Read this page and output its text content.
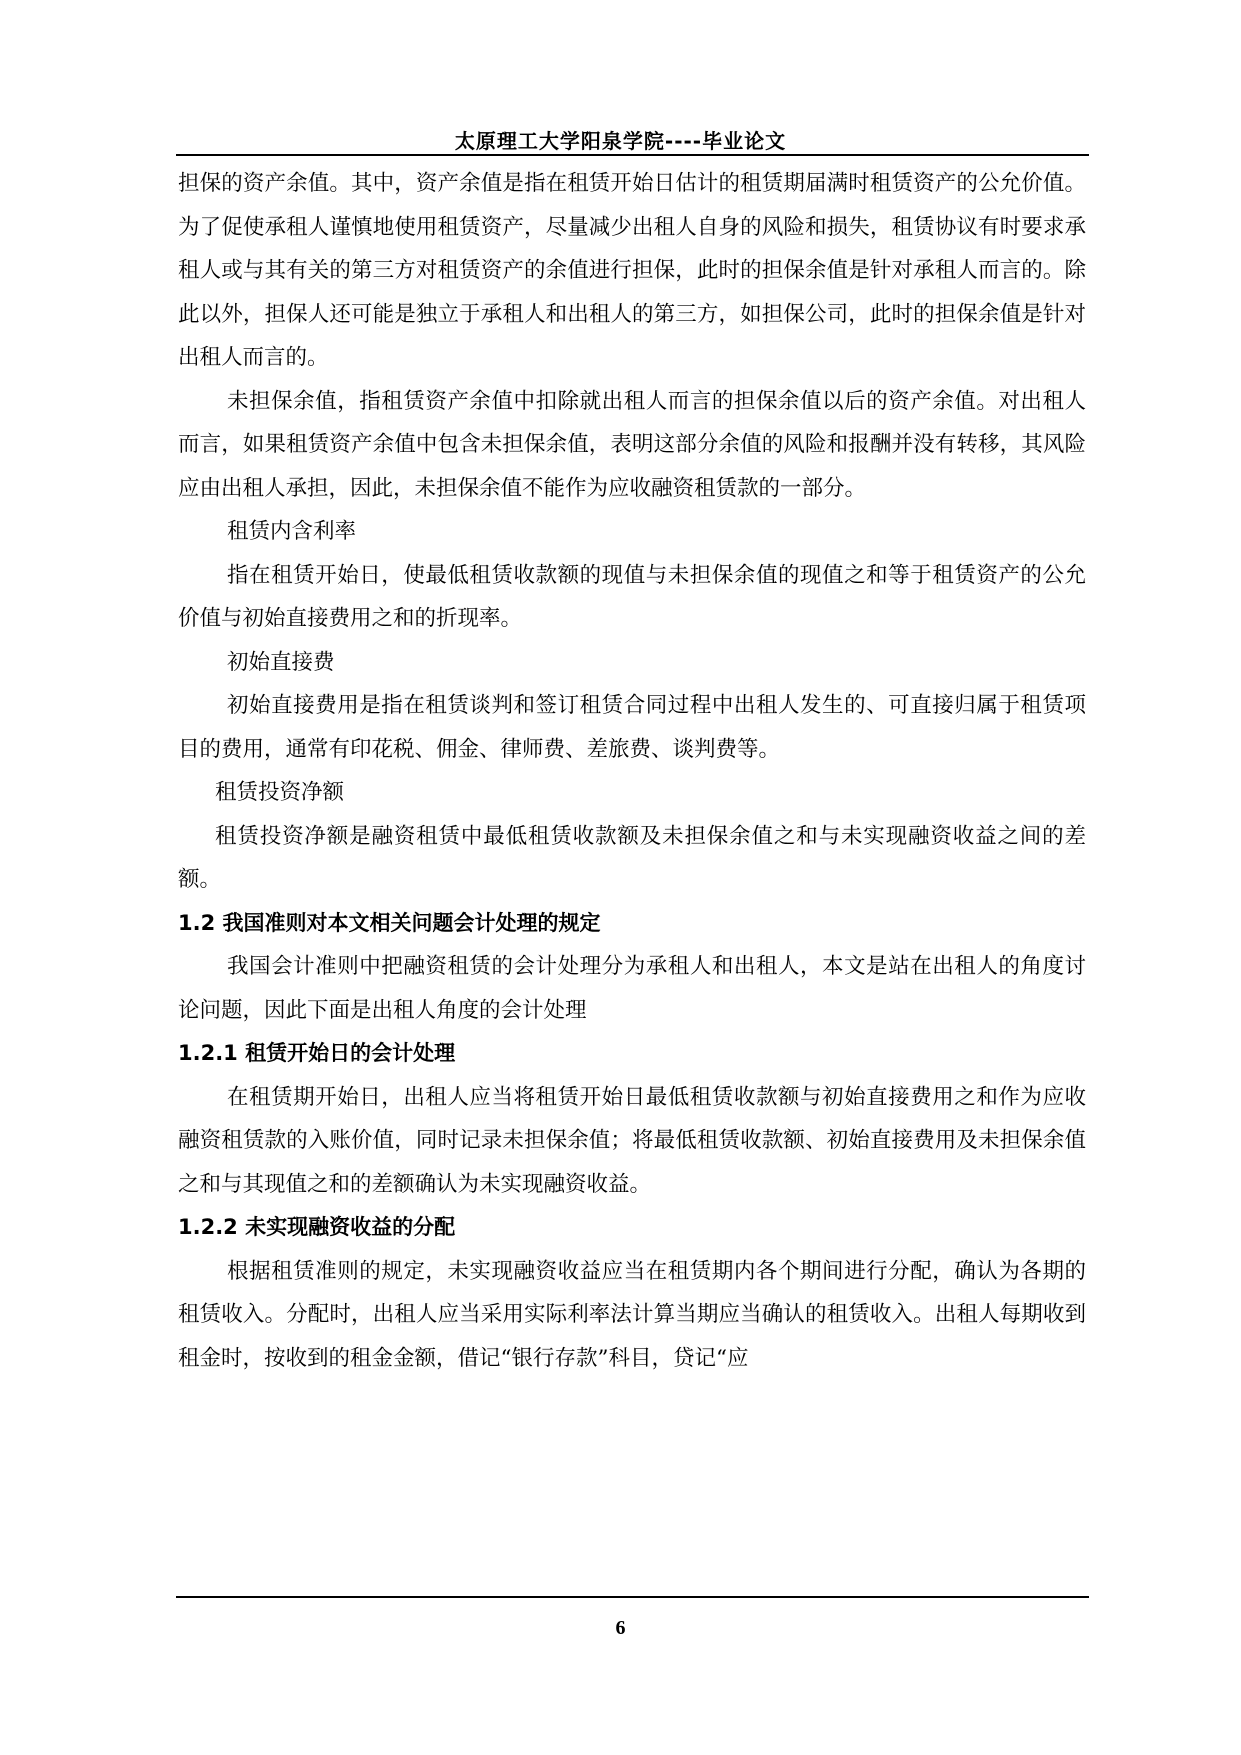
太原理工大学阳泉学院----毕业论文

担保的资产余值。其中，资产余值是指在租赁开始日估计的租赁期届满时租赁资产的公允价值。为了促使承租人谨慎地使用租赁资产，尽量减少出租人自身的风险和损失，租赁协议有时要求承租人或与其有关的第三方对租赁资产的余值进行担保，此时的担保余值是针对承租人而言的。除此以外，担保人还可能是独立于承租人和出租人的第三方，如担保公司，此时的担保余值是针对出租人而言的。

未担保余值，指租赁资产余值中扣除就出租人而言的担保余值以后的资产余值。对出租人而言，如果租赁资产余值中包含未担保余值，表明这部分余值的风险和报酬并没有转移，其风险应由出租人承担，因此，未担保余值不能作为应收融资租赁款的一部分。

租赁内含利率

指在租赁开始日，使最低租赁收款额的现值与未担保余值的现值之和等于租赁资产的公允价值与初始直接费用之和的折现率。

初始直接费

初始直接费用是指在租赁谈判和签订租赁合同过程中出租人发生的、可直接归属于租赁项目的费用，通常有印花税、佣金、律师费、差旅费、谈判费等。

租赁投资净额

租赁投资净额是融资租赁中最低租赁收款额及未担保余值之和与未实现融资收益之间的差额。

1.2 我国准则对本文相关问题会计处理的规定

我国会计准则中把融资租赁的会计处理分为承租人和出租人，本文是站在出租人的角度讨论问题，因此下面是出租人角度的会计处理

1.2.1 租赁开始日的会计处理

在租赁期开始日，出租人应当将租赁开始日最低租赁收款额与初始直接费用之和作为应收融资租赁款的入账价值，同时记录未担保余值；将最低租赁收款额、初始直接费用及未担保余值之和与其现值之和的差额确认为未实现融资收益。

1.2.2 未实现融资收益的分配

根据租赁准则的规定，未实现融资收益应当在租赁期内各个期间进行分配，确认为各期的租赁收入。分配时，出租人应当采用实际利率法计算当期应当确认的租赁收入。出租人每期收到租金时，按收到的租金金额，借记“银行存款”科目，贷记“应

6
